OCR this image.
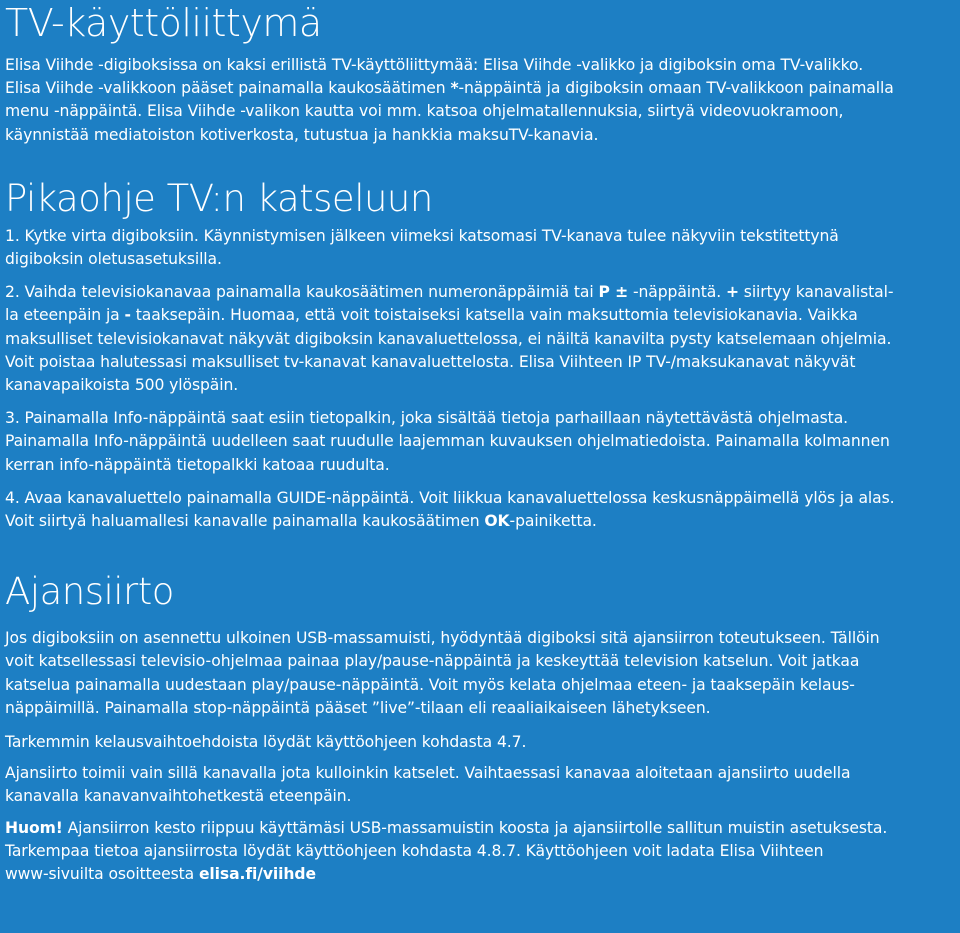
TV-käyttöliittymä

Elisa Viihde -digiboksissa on kaksi erillistä TV-käyttöliittymää: Elisa Viihde -valikko ja digiboksin oma TV-valikko.
Elisa Viihde -valikkoon pääset painamalla kaukosäätimen *-näppäintä ja digiboksin omaan TV-valikkoon painamalla
menu -näppäintä. Elisa Viihde -valikon kautta voi mm. katsoa ohjelmatallennuksia, siirtyä videovuokramoon,
käynnistää mediatoiston kotiverkosta, tutustua ja hankkia maksuTV-kanavia.

Pikaohje TV:n katseluun

1. Kytke virta digiboksiin. Käynnistymisen jälkeen viimeksi katsomasi TV-kanava tulee näkyviin tekstitettynä
digiboksin oletusasetuksilla.

2. Vaihda televisiokanavaa painamalla kaukosäätimen numeronäppäimiä tai P ± -näppäintä. + siirtyy kanavalistal-
la eteenpäin ja - taaksepäin. Huomaa, että voit toistaiseksi katsella vain maksuttomia televisiokanavia. Vaikka
maksulliset televisiokanavat näkyvät digiboksin kanavaluettelossa, ei näiltä kanavilta pysty katselemaan ohjelmia.
Voit poistaa halutessasi maksulliset tv-kanavat kanavaluettelosta. Elisa Viihteen IP TV-/maksukanavat näkyvät
kanavapaikoista 500 ylöspäin.

3. Painamalla Info-näppäintä saat esiin tietopalkin, joka sisältää tietoja parhaillaan näytettävästä ohjelmasta.
Painamalla Info-näppäintä uudelleen saat ruudulle laajemman kuvauksen ohjelmatiedoista. Painamalla kolmannen
kerran info-näppäintä tietopalkki katoaa ruudulta.

4. Avaa kanavaluettelo painamalla GUIDE-näppäintä. Voit liikkua kanavaluettelossa keskusnäppäimellä ylös ja alas.
Voit siirtyä haluamallesi kanavalle painamalla kaukosäätimen OK-painiketta.

Ajansiirto

Jos digiboksiin on asennettu ulkoinen USB-massamuisti, hyödyntää digiboksi sitä ajansiirron toteutukseen. Tällöin
voit katsellessasi televisio-ohjelmaa painaa play/pause-näppäintä ja keskeyttää television katselun. Voit jatkaa
katselua painamalla uudestaan play/pause-näppäintä. Voit myös kelata ohjelmaa eteen- ja taaksepäin kelaus-
näppäimillä. Painamalla stop-näppäintä pääset ”live”-tilaan eli reaaliaikaiseen lähetykseen.

Tarkemmin kelausvaihtoehdoista löydät käyttöohjeen kohdasta 4.7.

Ajansiirto toimii vain sillä kanavalla jota kulloinkin katselet. Vaihtaessasi kanavaa aloitetaan ajansiirto uudella
kanavalla kanavanvaihtohetkestä eteenpäin.

Huom! Ajansiirron kesto riippuu käyttämäsi USB-massamuistin koosta ja ajansiirtolle sallitun muistin asetuksesta.
Tarkempaa tietoa ajansiirrosta löydät käyttöohjeen kohdasta 4.8.7. Käyttöohjeen voit ladata Elisa Viihteen
www-sivuilta osoitteesta elisa.fi/viihde
